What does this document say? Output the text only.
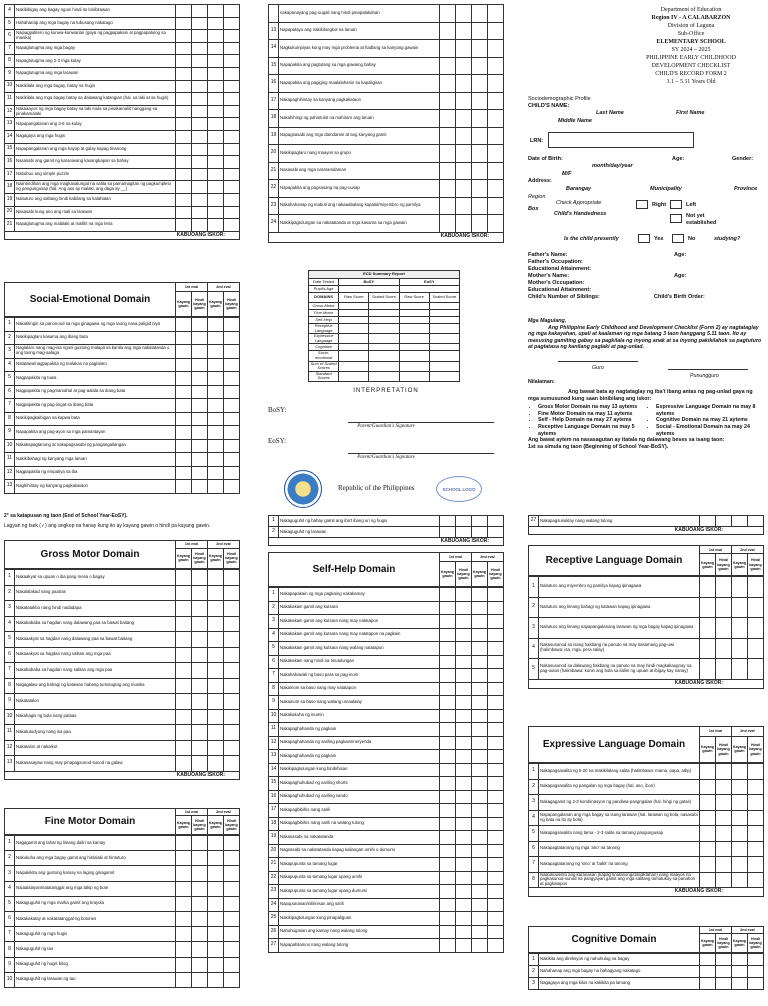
4	Nakibibigay ang bagay nguni hindi ito binibitawan				
5	Hahahanap ang mga bagay na tubusang nakatago				
6	Naipagpalitero ng kunwa-kunwarian (gaya ng pagpapakain at pagpapatulog sa manika)				
7	Napagtutugma ang mga bagay				
8	Napagtutugma ang 2-3 mga kulay				
9	Napagtutugma ang mga larawan				
10	Nakikilala ang mga bagay, batay sa hugis				
11	Nakikilala ang mga bagay batay sa dalawang katangian (hal. sa laki at sa hugis)				
12	Nakaaayos ng mga bagay batay sa laki mula sa pinakamaliit hanggang sa pinakamalaki				
13	Napapangalanan ang 3-6 na kulay				
14	Nagagaya ang mga hugis				
15	Napapangalanan ang mga hayop at gulay kapag tinanong				
16	Nasasabi ang gamit ng karaniwang kasangkapan sa bahay				
17	Nabubuo ang simple puzzle				
18	Naiintindihan ang mga magkasalungat na salita sa pamamagitan ng pagkumpleto ng pangungusap (hal. Ang aso ay malaki, ang daga ay __)				
19	Naituturo ang salitang hindi kabilang sa kalahatan				
20	Nasasabi kung ano ang mali sa larawan				
21	Napagtutugma ang malalaki at maliliit na mga letra				
KABUOANG ISKOR:
Social-Emotional Domain	1st eval		2nd eval	
	Kayang gawin	Hindi kayang gawin	Kayang gawin	Hindi kayang gawin
1	Nakatitingin sa panonood sa mga ginagawa ng mga taong nasa paligid niya				
2	Nakikipaglaro kasama ang ibang bata				
3	Naglalaro nang mag-isa nguni gustong malapit sa kanila ang mga nakatatanda o ang taong mag-aalaga				
4	Natatawa/nagpapakita ng malakas na paglalaro				
5	Nagpapakita ng tuwa				
6	Nagpapakita ng pagmamahal at pag-aalala sa ibang bata				
7	Nagpapakita ng pag-iingat sa ibang bata				
8	Nakikipagkaibigan sa kapwa bata				
9	Napapakita ang pag-ayon sa mga pamantayan				
10	Nakakapagtanong at nakapagsasabi ng pangangailangan				
11	Nakikibahagi ng kanyang mga laruan				
12	Nagpapakita ng empatiya sa iba				
13	Naghihintay ng kanyang pagkakataon				
2° sa katapusan ng taon (End of School Year-EoSY).
Lagyan ng tsek (✓) ang angkop na hanay kung ito ay kayang gawin o hindi pa kayang gawin.
Gross Motor Domain	1st eval		2nd eval	
	Kayang gawin	Hindi kayang gawin	Kayang gawin	Hindi kayang gawin
1	Nakaakyat sa upuan o iba pang mesa o bagay				
2	Nakalalakad nang paatras				
3	Nakatatakbo nang hindi nadadapa				
4	Nakabababa sa hagdan nang dalawang paa sa bawat baitang				
5	Nakaaakyat sa hagdan nang dalawang paa sa bawat baitang				
6	Nakaaakyat sa hagdan nang salitan ang mga paa				
7	Nakabababa sa hagdan nang salitan ang mga paa				
8	Nagagalaw ang bahagi ng katawan habang tumutugtog ang musika				
9	Nakatatalon				
10	Nakahagis ng bola nang pataas				
11	Nakatutudyong nang isa paa				
12	Nakatalon at nakaikot				
13	Nakasasayaw nang may pinapagsunod-sunod na galaw				
KABUOANG ISKOR:
Fine Motor Domain	1st eval		2nd eval	
	Kayang gawin	Hindi kayang gawin	Kayang gawin	Hindi kayang gawin
1	Nagagamit ang lahat ng limang daliri sa kamay				
2	Nakukuha ang mga bagay gamit ang hinlalaki at hintuturo				
3	Naipakikita ang gustong kamay na laging ginagamit				
4	Naiaalalayan/natatanggal ang mga takip ng bote				
5	Nakaguguhit ng mga marka gamit ang krayola				
6	Nakakakatay at nakatatanggal ng botones				
7	Nakaguguhit ng mga hugis				
8	Nakaguguhit ng tao				
9	Nakaguguhit ng hugis bilog				
10	Nakaguguhit ng larawan ng tao				
	nakapanayang pag-uugali nang hindi pinapalakahan				
13	Napapatayo ang nakikilungkot na laruan				
14	Nagkukumpiyas kung may mga problema at hadlang sa kanyang gawain				
15	Napapakita ang pagtutang sa mga gawaing bahay				
16	Napapakita ang pagiging maalalahanin sa kapaligiran				
17	Nakapaghihintay sa kanyang pagkakataon				
18	Nakahihingi ng pahintulot na mahiram ang laruan				
19	Napagsasabi ang mga damdamin at ang kanyang gamit				
20	Nakikipaglaro nang maayos sa grupo				
21	Nasasabi ang mga nararamdaman				
22	Napapakita ang pagsasang na pag-uusap				
23	Nakahahanap ng mabuti ang nakaaabalang kapatid/miyembro ng pamilya				
24	Nakikipagtulungan sa nakatatanda at mga kasama sa mga gawain				
KABUOANG ISKOR:
ECD Summary Report				
Date Tested	BoSY		EoSY	
Pupil's Age				
DOMAINS	Raw Score	Scaled Score	Raw Score	Scaled Score
Gross-Motor				
Fine Motor				
Self-Help				
Receptive Language				
Expressive Language				
Cognitive				
Socio-emotional				
Sum of Scaled Scores				
Standard Scores				
INTERPRETATION
BoSY:
Parent/Guardian's Signature
EoSY:
Parent/Guardian's Signature
Republic of the Philippines	SCHOOL LOGO
1	Nakaguguhit ng bahay gamit ang iba't ibang uri ng hugis				
2	Nakaguguhit ng larawan				
KABUOANG ISKOR:
Self-Help Domain	1st eval		2nd eval	
	Kayang gawin	Hindi kayang gawin	Kayang gawin	Hindi kayang gawin
1	Nakapapakain ng mga pagkaing nakakamay				
2	Nakakakain gamit ang kutsara				
3	Nakakakain gamit ang kutsara nang may natatapon				
4	Nakakakain gamit ang kutsara nang may natatapon na pagkain				
5	Nakakakain gamit ang kutsara nang walang natatapon				
6	Nakakakain nang hindi na tinutulungan				
7	Nakahahawak ng baso para sa pag-inom				
8	Nakainom sa baso nang may natatapon				
9	Nakainom sa baso nang walang umaalalay				
10	Nakakakuha ng inumin				
11	Nakapaghahanda ng pagkain				
12	Nakapaghahanda ng sariling pagkain/meryenda				
13	Nakapaghahanda ng pagkain				
14	Nakikipagtulungan kung binibihisan				
15	Nakapaghuhubad ng sariling shorts				
16	Nakapaghuhubad ng sariling sando				
17	Nakapagbibihis nang sarili				
18	Nakapagbibihis nang sarili na walang tulong				
19	Nakasasabi na nakatatanda				
20	Nagsasabi sa nakatatanda kapag kailangan umihi o dumumi				
21	Nakapupunta sa tamang lugar				
22	Nakapupunta sa tamang lugar upang umihi				
23	Nakapupunta sa tamang lugar upang dumumi				
24	Napupunasan/nililinisan ang sarili				
25	Nakikipagtulungan kung pinapaliguan				
26	Nahuhugasan ang kamay nang walang tulong				
27	Napapahilamos nang walang tulong				
Department of Education
Region IV - A CALABARZON
Division of Laguna
Sub-Office
ELEMENTARY SCHOOL
SY 2024 – 2025
PHILIPPINE EARLY CHILDHOOD
DEVELOPMENT CHECKLIST
CHILD'S RECORD FORM 2
3.1 – 5.11 Years Old
Sociodemographic Profile
CHILD'S NAME:
Last Name	First Name
Middle Name
LRN:
Date of Birth:	Age:	Gender:
month/day/year
M/F
Address:
Barangay	Municipality	Province
Region
Box
Check Appropriate
Child's Handedness
Right	Left
Not yet established
Is the child presently	Yes	No	studying?
Father's Name:	Age:
Father's Occupation:
Educational Attainment:
Mother's Name:	Age:
Mother's Occupation:
Educational Attainment:
Child's Number of Siblings:	Child's Birth Order:
Mga Magulang,
Ang Philippine Early Childhood and Development Checklist (Form 2) ay nagtataglay ng mga kakayahan, upali at kaalaman ng mga batang 3 taon hanggang 5.11 taon. Ito ay masusing gamiting gabay sa pagkilala ng inyong anak at sa inyong pakikilahok sa pagtuturo at pagtatasa ng kanilang paglaki at pag-unlad.
Guro
Nilalaman:
Punungguro
Ang bawat bata ay nagtataglay ng iba't ibang antas ng pag-unlad gaya ng mga sumusunod kung saan binibilang ang iskor:
• Gross Motor Domain na may 13 aytems
• Fine Motor Domain na may 11 aytems
• Self - Help Domain na may 27 aytems
• Receptive Language Domain na may 5 aytems
• Expressive Language Domain na may 8 aytems
• Cognitive Domain na may 21 aytems
• Social - Emotional Domain na may 24 aytems
Ang bawat aytem na nasasagutan ay itatala ng dalawang beses sa isang taon:
1st sa simula ng taon (Beginning of School Year-BoSY).
27	Nakapagsusuklay nang walang tulong				
KABUOANG ISKOR:
Receptive Language Domain	1st eval		2nd eval	
	Kayang gawin	Hindi kayang gawin	Kayang gawin	Hindi kayang gawin
1	Naituturo ang miyembro ng pamilya kapag ipinagawa				
2	Naituturo ang limang bahagi ng katawan kapag ipinagawa				
3	Naituturo ang limang napapangalanang larawan ng mga bagay kapag ipinagawa				
4	Nakasusunod sa isang hakbang na panuto na may kasamang pag-uwi (halimbawa: isa, mga, pera salay)				
5	Nakasusunod sa dalawang hakbang na panuto na may hindi magkakaugnay na pag-uutos (halimbawa: kunin ang bola sa ilalim ng upuan at ibigay kay nanay)				
KABUOANG ISKOR:
Expressive Language Domain	1st eval		2nd eval	
	Kayang gawin	Hindi kayang gawin	Kayang gawin	Hindi kayang gawin
1	Nakapagsasalita ng 5-20 na makikilalang salita (halimbawa: mama, papa, atbp)				
2	Nakapagsasalita ng pangalan ng mga bagay (hal. aso, ibon)				
3	Nakagagamit ng 2-3 kombinasyon ng pandiwa-pangngalan (hal. hingi ng gatas)				
4	Napapangalanan ang mga bagay sa isang larawan (hal. larawan ng bola, nasasabi ng bata na ito ay bola)				
5	Nakapagsasalita nang tama - 2-3 salita sa tamang pangungusap				
6	Nakapagtatanong ng mga 'ano' na tanong				
7	Nakapagtatanong ng 'sino' at 'bakit' na tanong				
8	Naikukuwento ang karanasan (kapag tinatanong/dinidiktahan) nang maayos na pagkasunod-sunod na pangyayari gamit ang mga salitang tumutukoy sa panahon at pagkatapos				
KABUOANG ISKOR:
Cognitive Domain	1st eval		2nd eval	
	Kayang gawin	Hindi kayang gawin	Kayang gawin	Hindi kayang gawin
1	Nakikita ang direksyon ng nahuhulog na bagay				
2	Nahahanap ang mga bagay na bahagyang nakatago				
3	Nagagaya ang mga kilos na kakikita pa lamang				
